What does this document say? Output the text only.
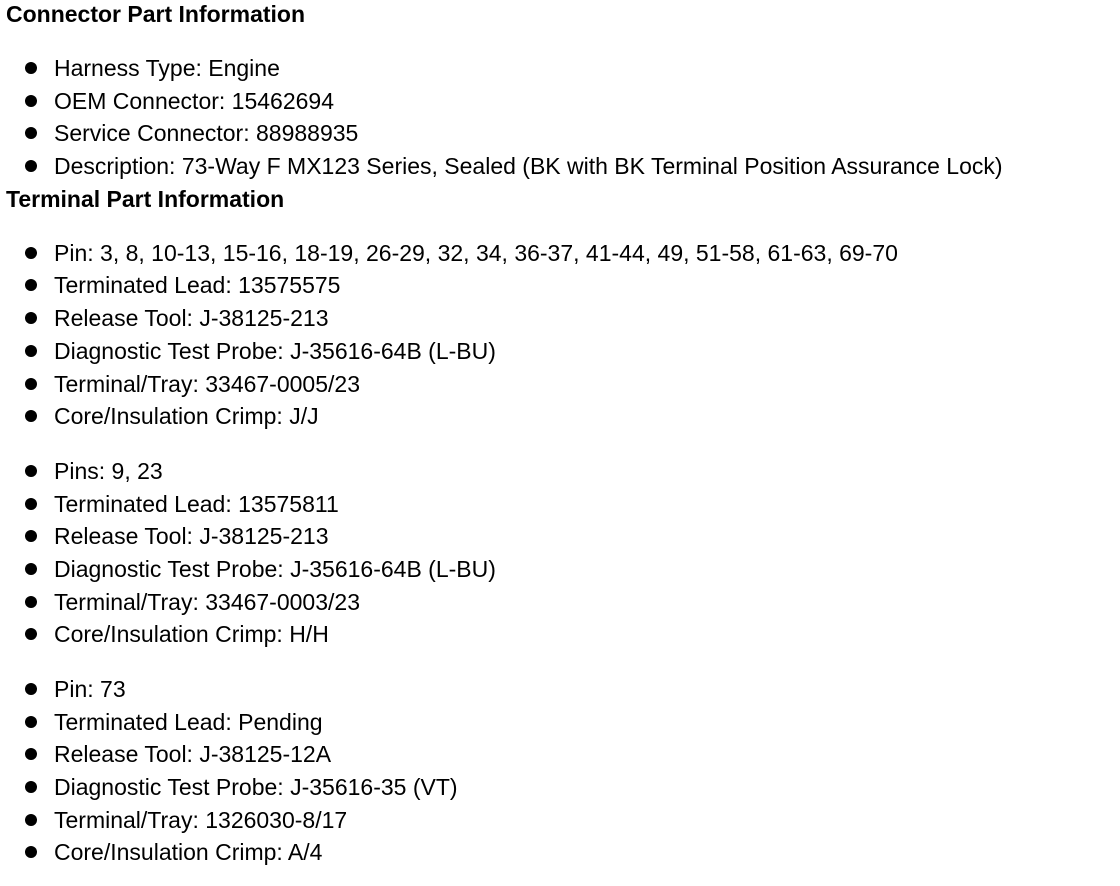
Connector Part Information
Harness Type: Engine
OEM Connector: 15462694
Service Connector: 88988935
Description: 73-Way F MX123 Series, Sealed (BK with BK Terminal Position Assurance Lock)
Terminal Part Information
Pin: 3, 8, 10-13, 15-16, 18-19, 26-29, 32, 34, 36-37, 41-44, 49, 51-58, 61-63, 69-70
Terminated Lead: 13575575
Release Tool: J-38125-213
Diagnostic Test Probe: J-35616-64B (L-BU)
Terminal/Tray: 33467-0005/23
Core/Insulation Crimp: J/J
Pins: 9, 23
Terminated Lead: 13575811
Release Tool: J-38125-213
Diagnostic Test Probe: J-35616-64B (L-BU)
Terminal/Tray: 33467-0003/23
Core/Insulation Crimp: H/H
Pin: 73
Terminated Lead: Pending
Release Tool: J-38125-12A
Diagnostic Test Probe: J-35616-35 (VT)
Terminal/Tray: 1326030-8/17
Core/Insulation Crimp: A/4
